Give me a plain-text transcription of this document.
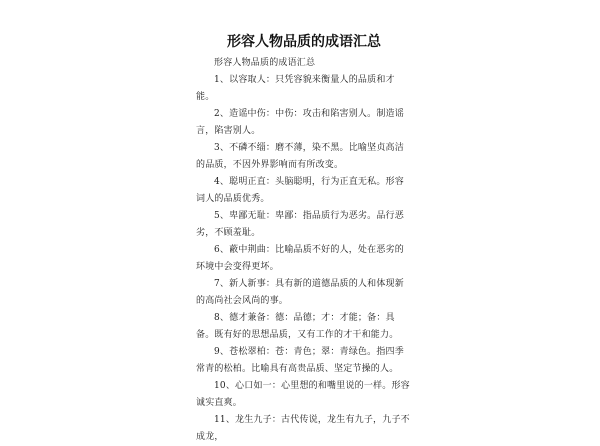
形容人物品质的成语汇总

形容人物品质的成语汇总

1、以容取人：只凭容貌来衡量人的品质和才能。

2、造谣中伤：中伤：攻击和陷害别人。制造谣言，陷害别人。

3、不磷不缁：磨不薄，染不黑。比喻坚贞高洁的品质，不因外界影响而有所改变。

4、聪明正直：头脑聪明，行为正直无私。形容词人的品质优秀。

5、卑鄙无耻：卑鄙：指品质行为恶劣。品行恶劣，不顾羞耻。

6、蔽中荆曲：比喻品质不好的人，处在恶劣的环境中会变得更坏。

7、新人新事：具有新的道德品质的人和体现新的高尚社会风尚的事。

8、德才兼备：德：品德；才：才能；备：具备。既有好的思想品质，又有工作的才干和能力。

9、苍松翠柏：苍：青色；翠：青绿色。指四季常青的松柏。比喻具有高贵品质、坚定节操的人。

10、心口如一：心里想的和嘴里说的一样。形容诚实直爽。

11、龙生九子：古代传说，龙生有九子，九子不成龙，
